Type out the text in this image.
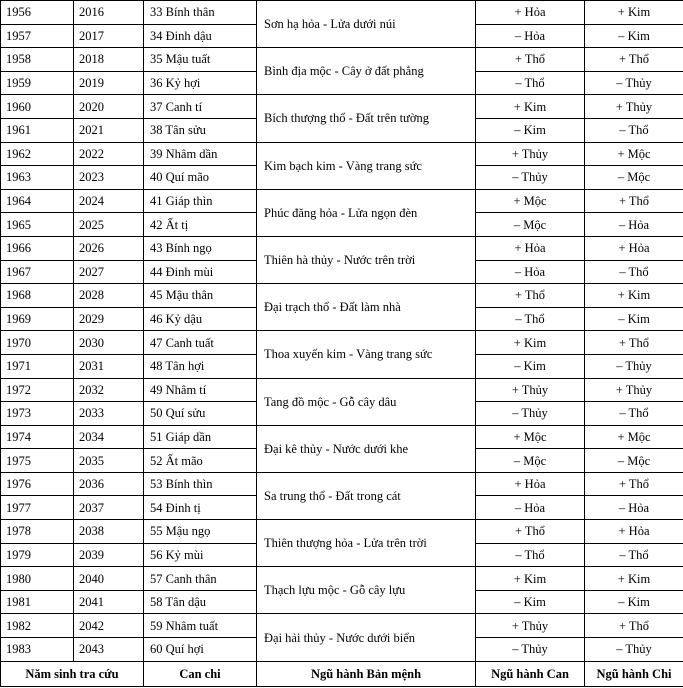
1956	2016	33 Bính thân	Sơn hạ hỏa - Lửa dưới núi	+ Hỏa	+ Kim
1957	2017	34 Đinh dậu		– Hỏa	– Kim
1958	2018	35 Mậu tuất	Bình địa mộc - Cây ở đất phẳng	+ Thổ	+ Thổ
1959	2019	36 Kỷ hợi		– Thổ	– Thủy
1960	2020	37 Canh tí	Bích thượng thổ - Đất trên tường	+ Kim	+ Thủy
1961	2021	38 Tân sửu		– Kim	– Thổ
1962	2022	39 Nhâm dần	Kim bạch kim - Vàng trang sức	+ Thủy	+ Mộc
1963	2023	40 Quí mão		– Thủy	– Mộc
1964	2024	41 Giáp thìn	Phúc đăng hỏa - Lửa ngọn đèn	+ Mộc	+ Thổ
1965	2025	42 Ất tị		– Mộc	– Hỏa
1966	2026	43 Bính ngọ	Thiên hà thủy - Nước trên trời	+ Hỏa	+ Hỏa
1967	2027	44 Đinh mùi		– Hỏa	– Thổ
1968	2028	45 Mậu thân	Đại trạch thổ - Đất làm nhà	+ Thổ	+ Kim
1969	2029	46 Kỷ dậu		– Thổ	– Kim
1970	2030	47 Canh tuất	Thoa xuyến kim - Vàng trang sức	+ Kim	+ Thổ
1971	2031	48 Tân hợi		– Kim	– Thủy
1972	2032	49 Nhâm tí	Tang đồ mộc - Gỗ cây dâu	+ Thủy	+ Thủy
1973	2033	50 Quí sửu		– Thủy	– Thổ
1974	2034	51 Giáp dần	Đại kê thủy - Nước dưới khe	+ Mộc	+ Mộc
1975	2035	52 Ất mão		– Mộc	– Mộc
1976	2036	53 Bính thìn	Sa trung thổ - Đất trong cát	+ Hỏa	+ Thổ
1977	2037	54 Đinh tị		– Hỏa	– Hỏa
1978	2038	55 Mậu ngọ	Thiên thượng hỏa - Lửa trên trời	+ Thổ	+ Hỏa
1979	2039	56 Kỷ mùi		– Thổ	– Thổ
1980	2040	57 Canh thân	Thạch lựu mộc - Gỗ cây lựu	+ Kim	+ Kim
1981	2041	58 Tân dậu		– Kim	– Kim
1982	2042	59 Nhâm tuất	Đại hải thủy - Nước dưới biển	+ Thủy	+ Thổ
1983	2043	60 Quí hợi		– Thủy	– Thủy
Năm sinh tra cứu		Can chi	Ngũ hành Bản mệnh	Ngũ hành Can	Ngũ hành Chi
